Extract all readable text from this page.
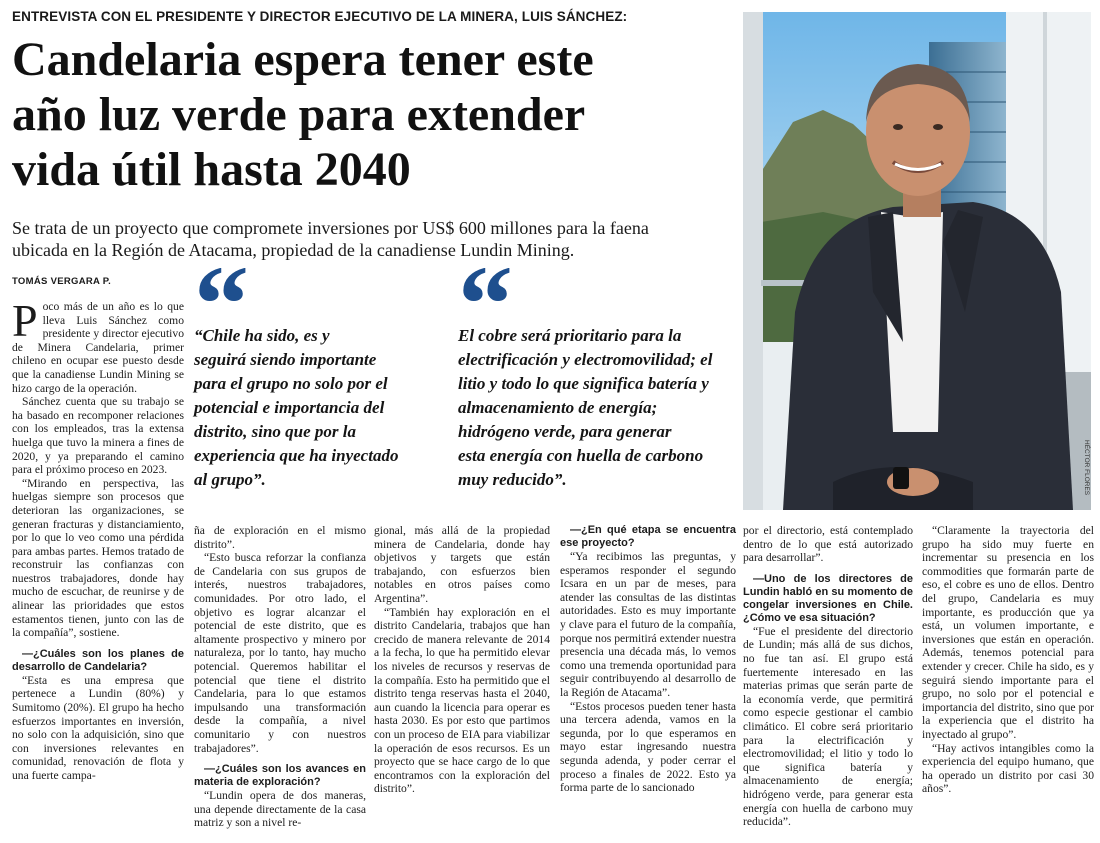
ENTREVISTA CON EL PRESIDENTE Y DIRECTOR EJECUTIVO DE LA MINERA, LUIS SÁNCHEZ:
Candelaria espera tener este
año luz verde para extender
vida útil hasta 2040
Se trata de un proyecto que compromete inversiones por US$ 600 millones para la faena
ubicada en la Región de Atacama, propiedad de la canadiense Lundin Mining.
TOMÁS VERGARA P.

Poco más de un año es lo que lleva Luis Sánchez como presidente y director ejecutivo de Minera Candelaria, primer chileno en ocupar ese puesto desde que la canadiense Lundin Mining se hizo cargo de la operación.

Sánchez cuenta que su trabajo se ha basado en recomponer relaciones con los empleados, tras la extensa huelga que tuvo la minera a fines de 2020, y ya preparando el camino para el próximo proceso en 2023.

“Mirando en perspectiva, las huelgas siempre son procesos que deterioran las organizaciones, se generan fracturas y distanciamiento, por lo que lo veo como una pérdida para ambas partes. Hemos tratado de reconstruir las confianzas con nuestros trabajadores, donde hay mucho de escuchar, de reunirse y de alinear las prioridades que estos estamentos tienen, junto con las de la compañía”, sostiene.

—¿Cuáles son los planes de desarrollo de Candelaria?

“Esta es una empresa que pertenece a Lundin (80%) y Sumitomo (20%). El grupo ha hecho esfuerzos importantes en inversión, no solo con la adquisición, sino que con inversiones relevantes en comunidad, renovación de flota y una fuerte campa-

“Chile ha sido, es y
seguirá siendo importante
para el grupo no solo por el
potencial e importancia del
distrito, sino que por la
experiencia que ha inyectado
al grupo”.
El cobre será prioritario para la
electrificación y electromovilidad; el
litio y todo lo que significa batería y
almacenamiento de energía;
hidrógeno verde, para generar
esta energía con huella de carbono
muy reducido”.

ña de exploración en el mismo distrito”.

“Esto busca reforzar la confianza de Candelaria con sus grupos de interés, nuestros trabajadores, comunidades. Por otro lado, el objetivo es lograr alcanzar el potencial de este distrito, que es altamente prospectivo y minero por naturaleza, por lo tanto, hay mucho potencial. Queremos habilitar el potencial que tiene el distrito Candelaria, para lo que estamos impulsando una transformación desde la compañía, a nivel comunitario y con nuestros trabajadores”.

—¿Cuáles son los avances en materia de exploración?

“Lundin opera de dos maneras, una depende directamente de la casa matriz y son a nivel re-

gional, más allá de la propiedad minera de Candelaria, donde hay objetivos y targets que están trabajando, con esfuerzos bien notables en otros países como Argentina”.

“También hay exploración en el distrito Candelaria, trabajos que han crecido de manera relevante de 2014 a la fecha, lo que ha permitido elevar los niveles de recursos y reservas de la compañía. Esto ha permitido que el distrito tenga reservas hasta el 2040, aun cuando la licencia para operar es hasta 2030. Es por esto que partimos con un proceso de EIA para viabilizar la operación de esos recursos. Es un proyecto que se hace cargo de lo que encontramos con la exploración del distrito”.

—¿En qué etapa se encuentra ese proyecto?

“Ya recibimos las preguntas, y esperamos responder el segundo Icsara en un par de meses, para atender las consultas de las distintas autoridades. Esto es muy importante y clave para el futuro de la compañía, porque nos permitirá extender nuestra presencia una década más, lo vemos como una tremenda oportunidad para seguir contribuyendo al desarrollo de la Región de Atacama”.

“Estos procesos pueden tener hasta una tercera adenda, vamos en la segunda, por lo que esperamos en mayo estar ingresando nuestra segunda adenda, y poder cerrar el proceso a finales de 2022. Esto ya forma parte de lo sancionado

por el directorio, está contemplado dentro de lo que está autorizado para desarrollar”.

—Uno de los directores de Lundin habló en su momento de congelar inversiones en Chile. ¿Cómo ve esa situación?

“Fue el presidente del directorio de Lundin; más allá de sus dichos, no fue tan así. El grupo está fuertemente interesado en las materias primas que serán parte de la economía verde, que permitirá como especie gestionar el cambio climático. El cobre será prioritario para la electrificación y electromovilidad; el litio y todo lo que significa batería y almacenamiento de energía; hidrógeno verde, para generar esta energía con huella de carbono muy reducida”.

“Claramente la trayectoria del grupo ha sido muy fuerte en incrementar su presencia en los commodities que formarán parte de eso, el cobre es uno de ellos. Dentro del grupo, Candelaria es muy importante, es producción que ya está, un volumen importante, e inversiones que están en operación. Además, tenemos potencial para extender y crecer. Chile ha sido, es y seguirá siendo importante para el grupo, no solo por el potencial e importancia del distrito, sino que por la experiencia que el distrito ha inyectado al grupo”.

“Hay activos intangibles como la experiencia del equipo humano, que ha operado un distrito por casi 30 años”.

HÉCTOR FLORES
